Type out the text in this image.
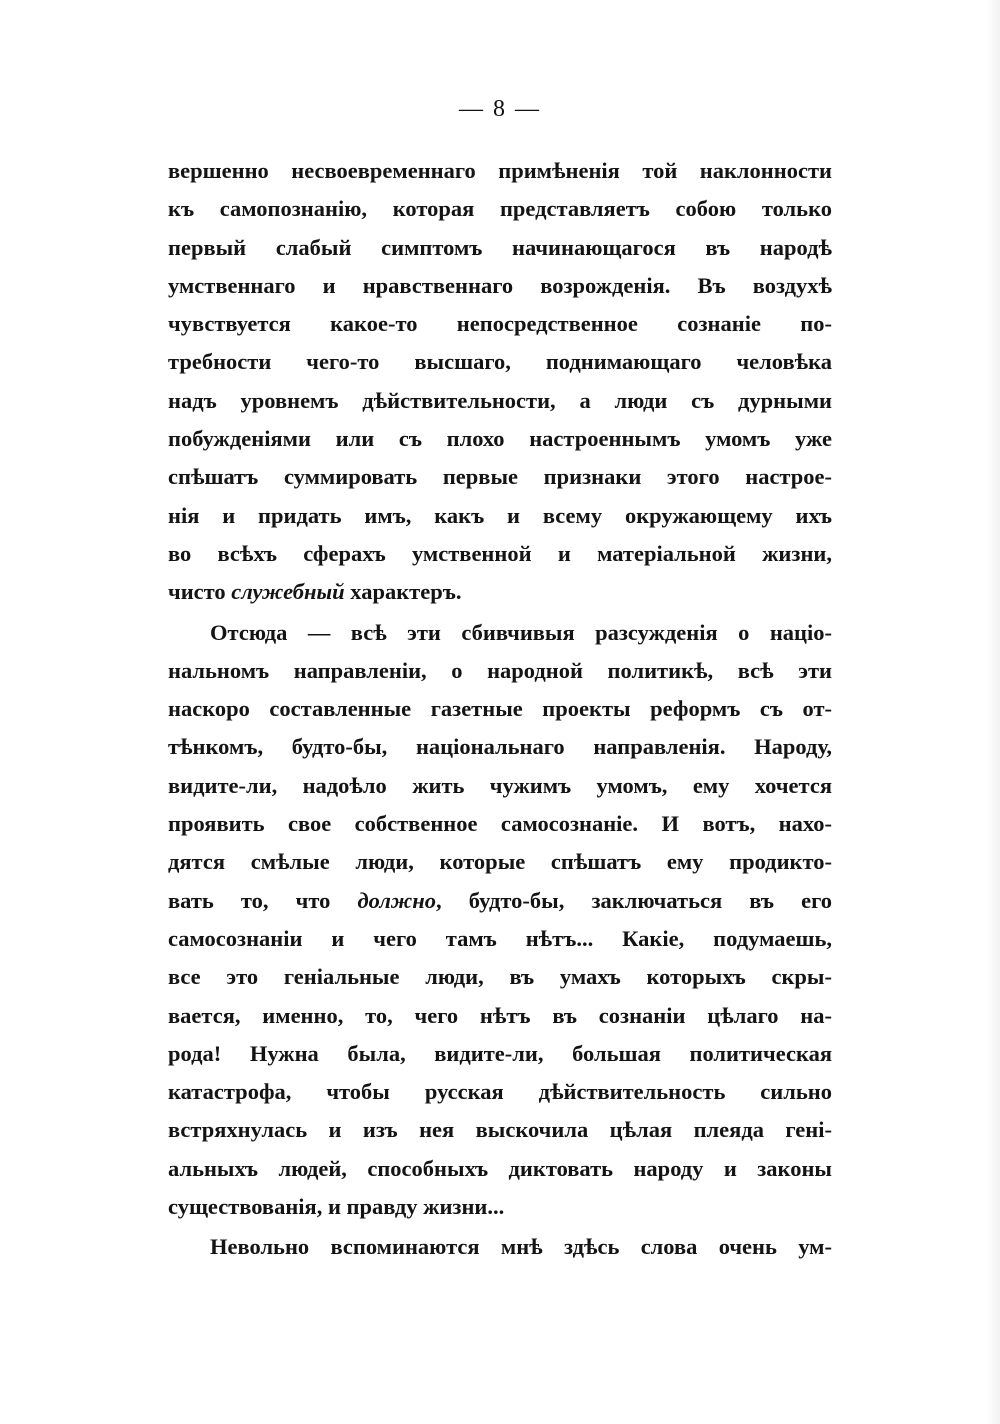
— 8 —
вершенно несвоевременнаго примѣненія той наклонности
къ самопознанію, которая представляетъ собою только
первый слабый симптомъ начинающагося въ народѣ
умственнаго и нравственнаго возрожденія. Въ воздухѣ
чувствуется какое-то непосредственное сознаніе по-
требности чего-то высшаго, поднимающаго человѣка
надъ уровнемъ дѣйствительности, а люди съ дурными
побужденіями или съ плохо настроеннымъ умомъ уже
спѣшатъ суммировать первые признаки этого настрое-
нія и придать имъ, какъ и всему окружающему ихъ
во всѣхъ сферахъ умственной и матеріальной жизни,
чисто служебный характеръ.
Отсюда — всѣ эти сбивчивыя разсужденія о націо-
нальномъ направленіи, о народной политикѣ, всѣ эти
наскоро составленные газетные проекты реформъ съ от-
тѣнкомъ, будто-бы, національнаго направленія. Народу,
видите-ли, надоѣло жить чужимъ умомъ, ему хочется
проявить свое собственное самосознаніе. И вотъ, нахо-
дятся смѣлые люди, которые спѣшатъ ему продикто-
вать то, что должно, будто-бы, заключаться въ его
самосознаніи и чего тамъ нѣтъ... Какіе, подумаешь,
все это геніальные люди, въ умахъ которыхъ скры-
вается, именно, то, чего нѣтъ въ сознаніи цѣлаго на-
рода! Нужна была, видите-ли, большая политическая
катастрофа, чтобы русская дѣйствительность сильно
встряхнулась и изъ нея выскочила цѣлая плеяда гені-
альныхъ людей, способныхъ диктовать народу и законы
существованія, и правду жизни...
Невольно вспоминаются мнѣ здѣсь слова очень ум-
